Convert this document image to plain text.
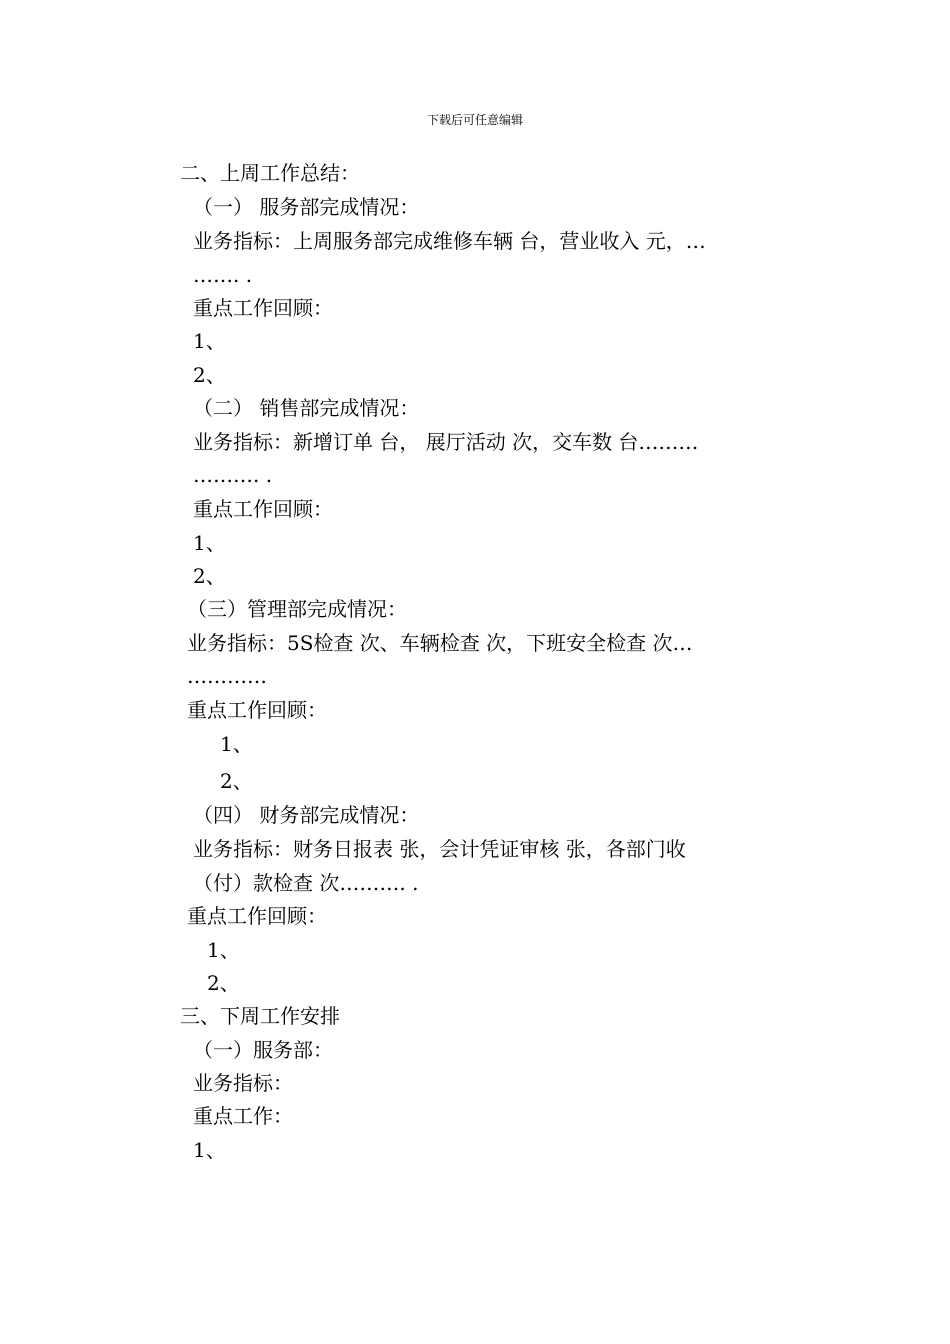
下载后可任意编辑
二、上周工作总结：
（一） 服务部完成情况：
业务指标：上周服务部完成维修车辆 台，营业收入 元，…
……. .
重点工作回顾：
1、
2、
（二） 销售部完成情况：
业务指标：新增订单 台， 展厅活动 次，交车数 台………
………. .
重点工作回顾：
1、
2、
（三）管理部完成情况：
业务指标：5S检查 次、车辆检查 次，下班安全检查 次…
…………
重点工作回顾：
1、
2、
（四） 财务部完成情况：
业务指标：财务日报表 张，会计凭证审核 张，各部门收
（付）款检查 次………. .
重点工作回顾：
1、
2、
三、下周工作安排
（一）服务部：
业务指标：
重点工作：
1、
